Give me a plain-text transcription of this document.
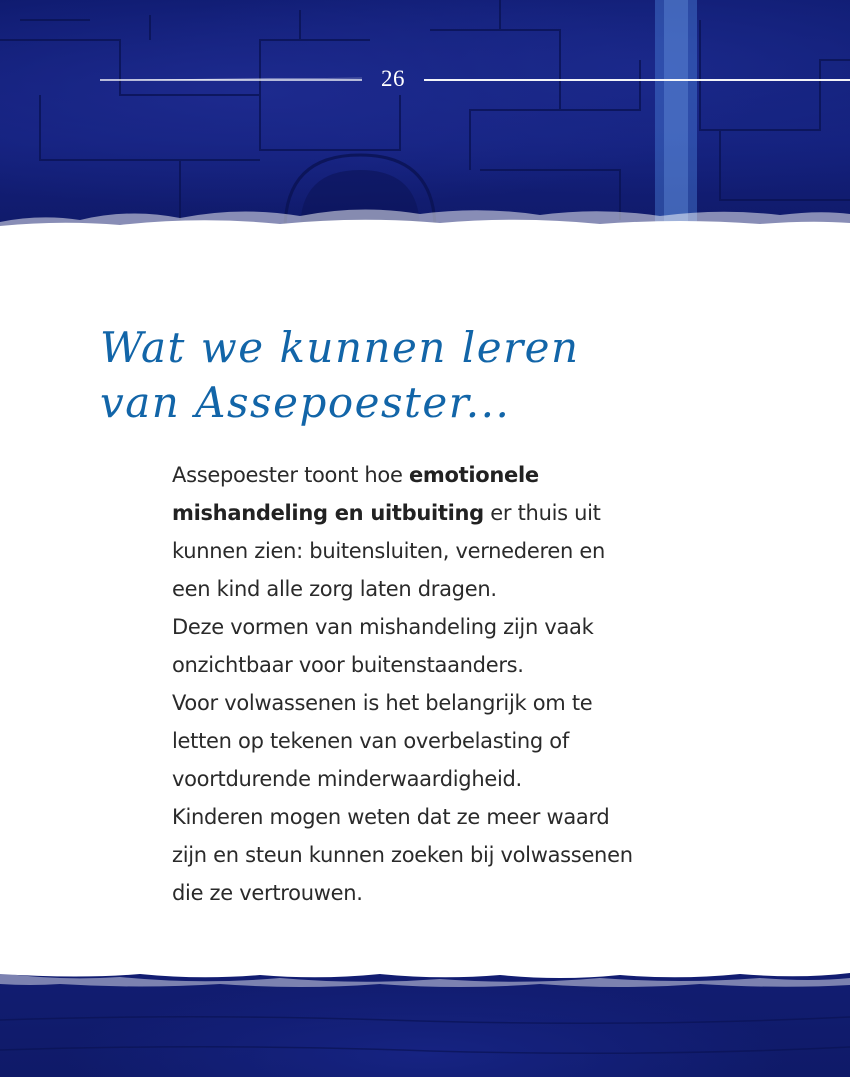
26
Wat we kunnen leren
van Assepoester...

Assepoester toont hoe emotionele
mishandeling en uitbuiting er thuis uit
kunnen zien: buitensluiten, vernederen en
een kind alle zorg laten dragen.
Deze vormen van mishandeling zijn vaak
onzichtbaar voor buitenstaanders.
Voor volwassenen is het belangrijk om te
letten op tekenen van overbelasting of
voortdurende minderwaardigheid.
Kinderen mogen weten dat ze meer waard
zijn en steun kunnen zoeken bij volwassenen
die ze vertrouwen.
